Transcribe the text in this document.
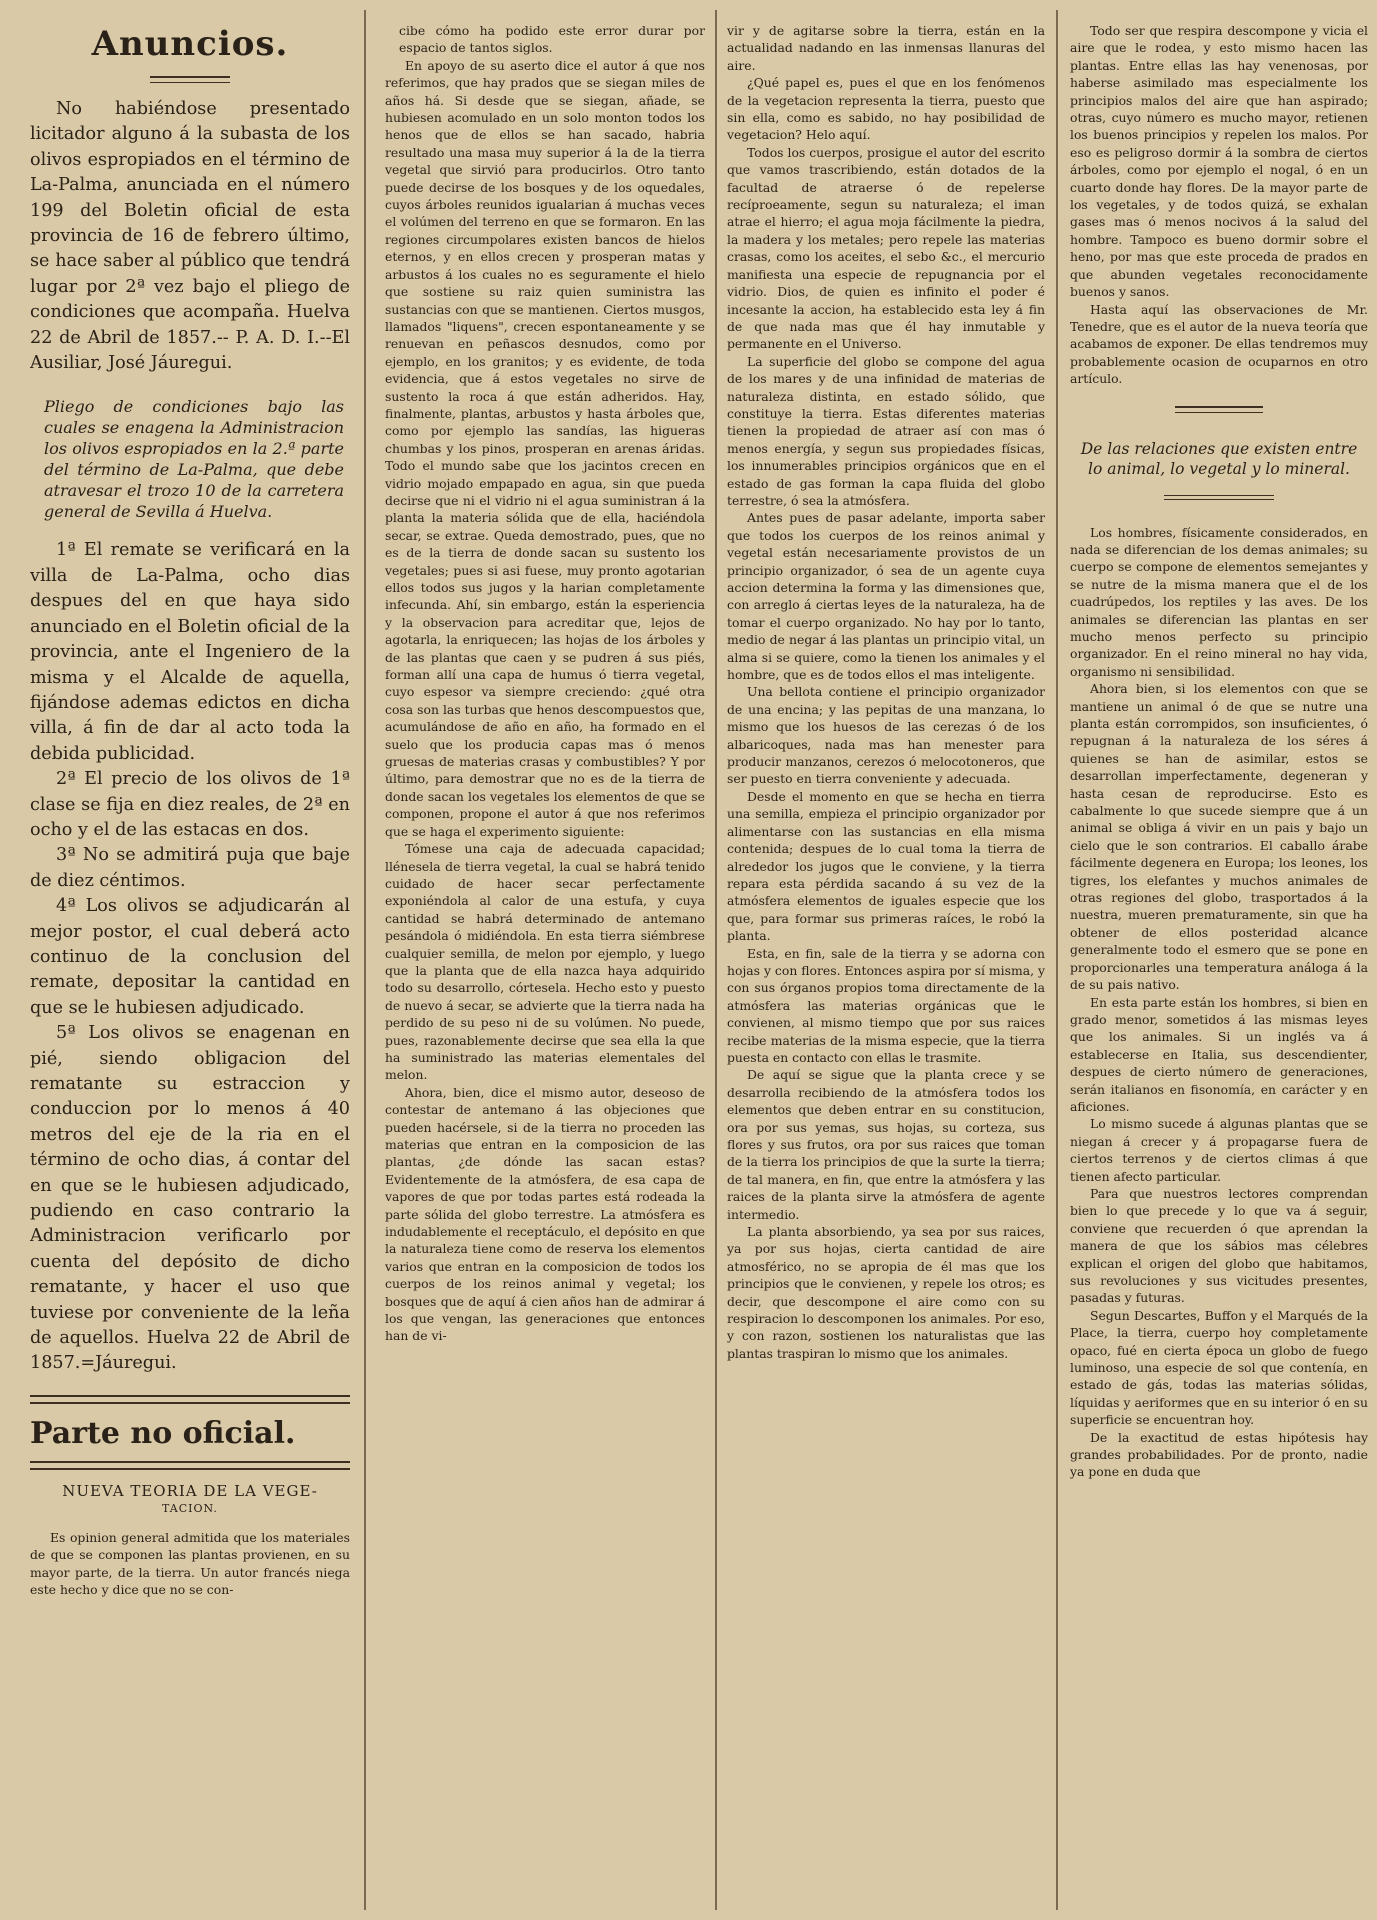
Anuncios.

No habiéndose presentado licitador alguno á la subasta de los olivos espropiados en el término de La-Palma, anunciada en el número 199 del Boletin oficial de esta provincia de 16 de febrero último, se hace saber al público que tendrá lugar por 2ª vez bajo el pliego de condiciones que acompaña. Huelva 22 de Abril de 1857.-- P. A. D. I.--El Ausiliar, José Jáuregui.

Pliego de condiciones bajo las cuales se enagena la Administracion los olivos espropiados en la 2.ª parte del término de La-Palma, que debe atravesar el trozo 10 de la carretera general de Sevilla á Huelva.

1ª El remate se verificará en la villa de La-Palma, ocho dias despues del en que haya sido anunciado en el Boletin oficial de la provincia, ante el Ingeniero de la misma y el Alcalde de aquella, fijándose ademas edictos en dicha villa, á fin de dar al acto toda la debida publicidad.

2ª El precio de los olivos de 1ª clase se fija en diez reales, de 2ª en ocho y el de las estacas en dos.

3ª No se admitirá puja que baje de diez céntimos.

4ª Los olivos se adjudicarán al mejor postor, el cual deberá acto continuo de la conclusion del remate, depositar la cantidad en que se le hubiesen adjudicado.

5ª Los olivos se enagenan en pié, siendo obligacion del rematante su estraccion y conduccion por lo menos á 40 metros del eje de la ria en el término de ocho dias, á contar del en que se le hubiesen adjudicado, pudiendo en caso contrario la Administracion verificarlo por cuenta del depósito de dicho rematante, y hacer el uso que tuviese por conveniente de la leña de aquellos. Huelva 22 de Abril de 1857.=Jáuregui.

Parte no oficial.
NUEVA TEORIA DE LA VEGE-
TACION.

Es opinion general admitida que los materiales de que se componen las plantas provienen, en su mayor parte, de la tierra. Un autor francés niega este hecho y dice que no se con-

cibe cómo ha podido este error durar por espacio de tantos siglos.

En apoyo de su aserto dice el autor á que nos referimos, que hay prados que se siegan miles de años há. Si desde que se siegan, añade, se hubiesen acomulado en un solo monton todos los henos que de ellos se han sacado, habria resultado una masa muy superior á la de la tierra vegetal que sirvió para producirlos. Otro tanto puede decirse de los bosques y de los oquedales, cuyos árboles reunidos igualarian á muchas veces el volúmen del terreno en que se formaron. En las regiones circumpolares existen bancos de hielos eternos, y en ellos crecen y prosperan matas y arbustos á los cuales no es seguramente el hielo que sostiene su raiz quien suministra las sustancias con que se mantienen. Ciertos musgos, llamados "liquens", crecen espontaneamente y se renuevan en peñascos desnudos, como por ejemplo, en los granitos; y es evidente, de toda evidencia, que á estos vegetales no sirve de sustento la roca á que están adheridos. Hay, finalmente, plantas, arbustos y hasta árboles que, como por ejemplo las sandías, las higueras chumbas y los pinos, prosperan en arenas áridas. Todo el mundo sabe que los jacintos crecen en vidrio mojado empapado en agua, sin que pueda decirse que ni el vidrio ni el agua suministran á la planta la materia sólida que de ella, haciéndola secar, se extrae. Queda demostrado, pues, que no es de la tierra de donde sacan su sustento los vegetales; pues si asi fuese, muy pronto agotarian ellos todos sus jugos y la harian completamente infecunda. Ahí, sin embargo, están la esperiencia y la observacion para acreditar que, lejos de agotarla, la enriquecen; las hojas de los árboles y de las plantas que caen y se pudren á sus piés, forman allí una capa de humus ó tierra vegetal, cuyo espesor va siempre creciendo: ¿qué otra cosa son las turbas que henos descompuestos que, acumulándose de año en año, ha formado en el suelo que los producia capas mas ó menos gruesas de materias crasas y combustibles? Y por último, para demostrar que no es de la tierra de donde sacan los vegetales los elementos de que se componen, propone el autor á que nos referimos que se haga el experimento siguiente:

Tómese una caja de adecuada capacidad; llénesela de tierra vegetal, la cual se habrá tenido cuidado de hacer secar perfectamente exponiéndola al calor de una estufa, y cuya cantidad se habrá determinado de antemano pesándola ó midiéndola. En esta tierra siémbrese cualquier semilla, de melon por ejemplo, y luego que la planta que de ella nazca haya adquirido todo su desarrollo, córtesela. Hecho esto y puesto de nuevo á secar, se advierte que la tierra nada ha perdido de su peso ni de su volúmen. No puede, pues, razonablemente decirse que sea ella la que ha suministrado las materias elementales del melon.

Ahora, bien, dice el mismo autor, deseoso de contestar de antemano á las objeciones que pueden hacérsele, si de la tierra no proceden las materias que entran en la composicion de las plantas, ¿de dónde las sacan estas? Evidentemente de la atmósfera, de esa capa de vapores de que por todas partes está rodeada la parte sólida del globo terrestre. La atmósfera es indudablemente el receptáculo, el depósito en que la naturaleza tiene como de reserva los elementos varios que entran en la composicion de todos los cuerpos de los reinos animal y vegetal; los bosques que de aquí á cien años han de admirar á los que vengan, las generaciones que entonces han de vi-

vir y de agitarse sobre la tierra, están en la actualidad nadando en las inmensas llanuras del aire.

¿Qué papel es, pues el que en los fenómenos de la vegetacion representa la tierra, puesto que sin ella, como es sabido, no hay posibilidad de vegetacion? Helo aquí.

Todos los cuerpos, prosigue el autor del escrito que vamos trascribiendo, están dotados de la facultad de atraerse ó de repelerse recíproeamente, segun su naturaleza; el iman atrae el hierro; el agua moja fácilmente la piedra, la madera y los metales; pero repele las materias crasas, como los aceites, el sebo &c., el mercurio manifiesta una especie de repugnancia por el vidrio. Dios, de quien es infinito el poder é incesante la accion, ha establecido esta ley á fin de que nada mas que él hay inmutable y permanente en el Universo.

La superficie del globo se compone del agua de los mares y de una infinidad de materias de naturaleza distinta, en estado sólido, que constituye la tierra. Estas diferentes materias tienen la propiedad de atraer así con mas ó menos energía, y segun sus propiedades físicas, los innumerables principios orgánicos que en el estado de gas forman la capa fluida del globo terrestre, ó sea la atmósfera.

Antes pues de pasar adelante, importa saber que todos los cuerpos de los reinos animal y vegetal están necesariamente provistos de un principio organizador, ó sea de un agente cuya accion determina la forma y las dimensiones que, con arreglo á ciertas leyes de la naturaleza, ha de tomar el cuerpo organizado. No hay por lo tanto, medio de negar á las plantas un principio vital, un alma si se quiere, como la tienen los animales y el hombre, que es de todos ellos el mas inteligente.

Una bellota contiene el principio organizador de una encina; y las pepitas de una manzana, lo mismo que los huesos de las cerezas ó de los albaricoques, nada mas han menester para producir manzanos, cerezos ó melocotoneros, que ser puesto en tierra conveniente y adecuada.

Desde el momento en que se hecha en tierra una semilla, empieza el principio organizador por alimentarse con las sustancias en ella misma contenida; despues de lo cual toma la tierra de alrededor los jugos que le conviene, y la tierra repara esta pérdida sacando á su vez de la atmósfera elementos de iguales especie que los que, para formar sus primeras raíces, le robó la planta.

Esta, en fin, sale de la tierra y se adorna con hojas y con flores. Entonces aspira por sí misma, y con sus órganos propios toma directamente de la atmósfera las materias orgánicas que le convienen, al mismo tiempo que por sus raices recibe materias de la misma especie, que la tierra puesta en contacto con ellas le trasmite.

De aquí se sigue que la planta crece y se desarrolla recibiendo de la atmósfera todos los elementos que deben entrar en su constitucion, ora por sus yemas, sus hojas, su corteza, sus flores y sus frutos, ora por sus raices que toman de la tierra los principios de que la surte la tierra; de tal manera, en fin, que entre la atmósfera y las raices de la planta sirve la atmósfera de agente intermedio.

La planta absorbiendo, ya sea por sus raices, ya por sus hojas, cierta cantidad de aire atmosférico, no se apropia de él mas que los principios que le convienen, y repele los otros; es decir, que descompone el aire como con su respiracion lo descomponen los animales. Por eso, y con razon, sostienen los naturalistas que las plantas traspiran lo mismo que los animales.

Todo ser que respira descompone y vicia el aire que le rodea, y esto mismo hacen las plantas. Entre ellas las hay venenosas, por haberse asimilado mas especialmente los principios malos del aire que han aspirado; otras, cuyo número es mucho mayor, retienen los buenos principios y repelen los malos. Por eso es peligroso dormir á la sombra de ciertos árboles, como por ejemplo el nogal, ó en un cuarto donde hay flores. De la mayor parte de los vegetales, y de todos quizá, se exhalan gases mas ó menos nocivos á la salud del hombre. Tampoco es bueno dormir sobre el heno, por mas que este proceda de prados en que abunden vegetales reconocidamente buenos y sanos.

Hasta aquí las observaciones de Mr. Tenedre, que es el autor de la nueva teoría que acabamos de exponer. De ellas tendremos muy probablemente ocasion de ocuparnos en otro artículo.

De las relaciones que existen entre lo animal, lo vegetal y lo mineral.

Los hombres, físicamente considerados, en nada se diferencian de los demas animales; su cuerpo se compone de elementos semejantes y se nutre de la misma manera que el de los cuadrúpedos, los reptiles y las aves. De los animales se diferencian las plantas en ser mucho menos perfecto su principio organizador. En el reino mineral no hay vida, organismo ni sensibilidad.

Ahora bien, si los elementos con que se mantiene un animal ó de que se nutre una planta están corrompidos, son insuficientes, ó repugnan á la naturaleza de los séres á quienes se han de asimilar, estos se desarrollan imperfectamente, degeneran y hasta cesan de reproducirse. Esto es cabalmente lo que sucede siempre que á un animal se obliga á vivir en un pais y bajo un cielo que le son contrarios. El caballo árabe fácilmente degenera en Europa; los leones, los tigres, los elefantes y muchos animales de otras regiones del globo, trasportados á la nuestra, mueren prematuramente, sin que ha obtener de ellos posteridad alcance generalmente todo el esmero que se pone en proporcionarles una temperatura análoga á la de su pais nativo.

En esta parte están los hombres, si bien en grado menor, sometidos á las mismas leyes que los animales. Si un inglés va á establecerse en Italia, sus descendienter, despues de cierto número de generaciones, serán italianos en fisonomía, en carácter y en aficiones.

Lo mismo sucede á algunas plantas que se niegan á crecer y á propagarse fuera de ciertos terrenos y de ciertos climas á que tienen afecto particular.

Para que nuestros lectores comprendan bien lo que precede y lo que va á seguir, conviene que recuerden ó que aprendan la manera de que los sábios mas célebres explican el origen del globo que habitamos, sus revoluciones y sus vicitudes presentes, pasadas y futuras.

Segun Descartes, Buffon y el Marqués de la Place, la tierra, cuerpo hoy completamente opaco, fué en cierta época un globo de fuego luminoso, una especie de sol que contenía, en estado de gás, todas las materias sólidas, líquidas y aeriformes que en su interior ó en su superficie se encuentran hoy.

De la exactitud de estas hipótesis hay grandes probabilidades. Por de pronto, nadie ya pone en duda que
